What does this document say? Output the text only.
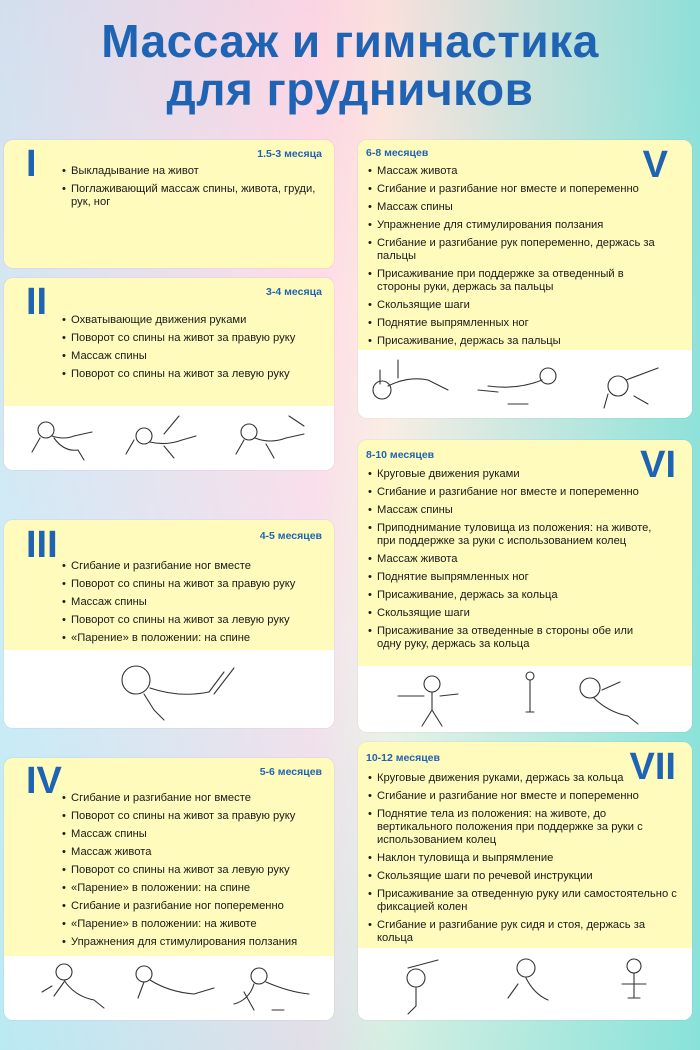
Массаж и гимнастика
для грудничков
I	1.5-3 месяца
• Выкладывание на живот
• Поглаживающий массаж спины, живота, груди, рук, ног
II	3-4 месяца
• Охватывающие движения руками
• Поворот со спины на живот за правую руку
• Массаж спины
• Поворот со спины на живот за левую руку
III	4-5 месяцев
• Сгибание и разгибание ног вместе
• Поворот со спины на живот за правую руку
• Массаж спины
• Поворот со спины на живот за левую руку
• «Парение» в положении: на спине
IV	5-6 месяцев
• Сгибание и разгибание ног вместе
• Поворот со спины на живот за правую руку
• Массаж спины
• Массаж живота
• Поворот со спины на живот за левую руку
• «Парение» в положении: на спине
• Сгибание и разгибание ног попеременно
• «Парение» в положении: на животе
• Упражнения для стимулирования ползания
6-8 месяцев	V
• Массаж живота
• Сгибание и разгибание ног вместе и попеременно
• Массаж спины
• Упражнение для стимулирования ползания
• Сгибание и разгибание рук попеременно, держась за пальцы
• Присаживание при поддержке за отведенный в стороны руки, держась за пальцы
• Скользящие шаги
• Поднятие выпрямленных ног
• Присаживание, держась за пальцы
8-10 месяцев	VI
• Круговые движения руками
• Сгибание и разгибание ног вместе и попеременно
• Массаж спины
• Приподнимание туловища из положения: на животе, при поддержке за руки с использованием колец
• Массаж живота
• Поднятие выпрямленных ног
• Присаживание, держась за кольца
• Скользящие шаги
• Присаживание за отведенные в стороны обе или одну руку, держась за кольца
10-12 месяцев	VII
• Круговые движения руками, держась за кольца
• Сгибание и разгибание ног вместе и попеременно
• Поднятие тела из положения: на животе, до вертикального положения при поддержке за руки с использованием колец
• Наклон туловища и выпрямление
• Скользящие шаги по речевой инструкции
• Присаживание за отведенную руку или самостоятельно с фиксацией колен
• Сгибание и разгибание рук сидя и стоя, держась за кольца
